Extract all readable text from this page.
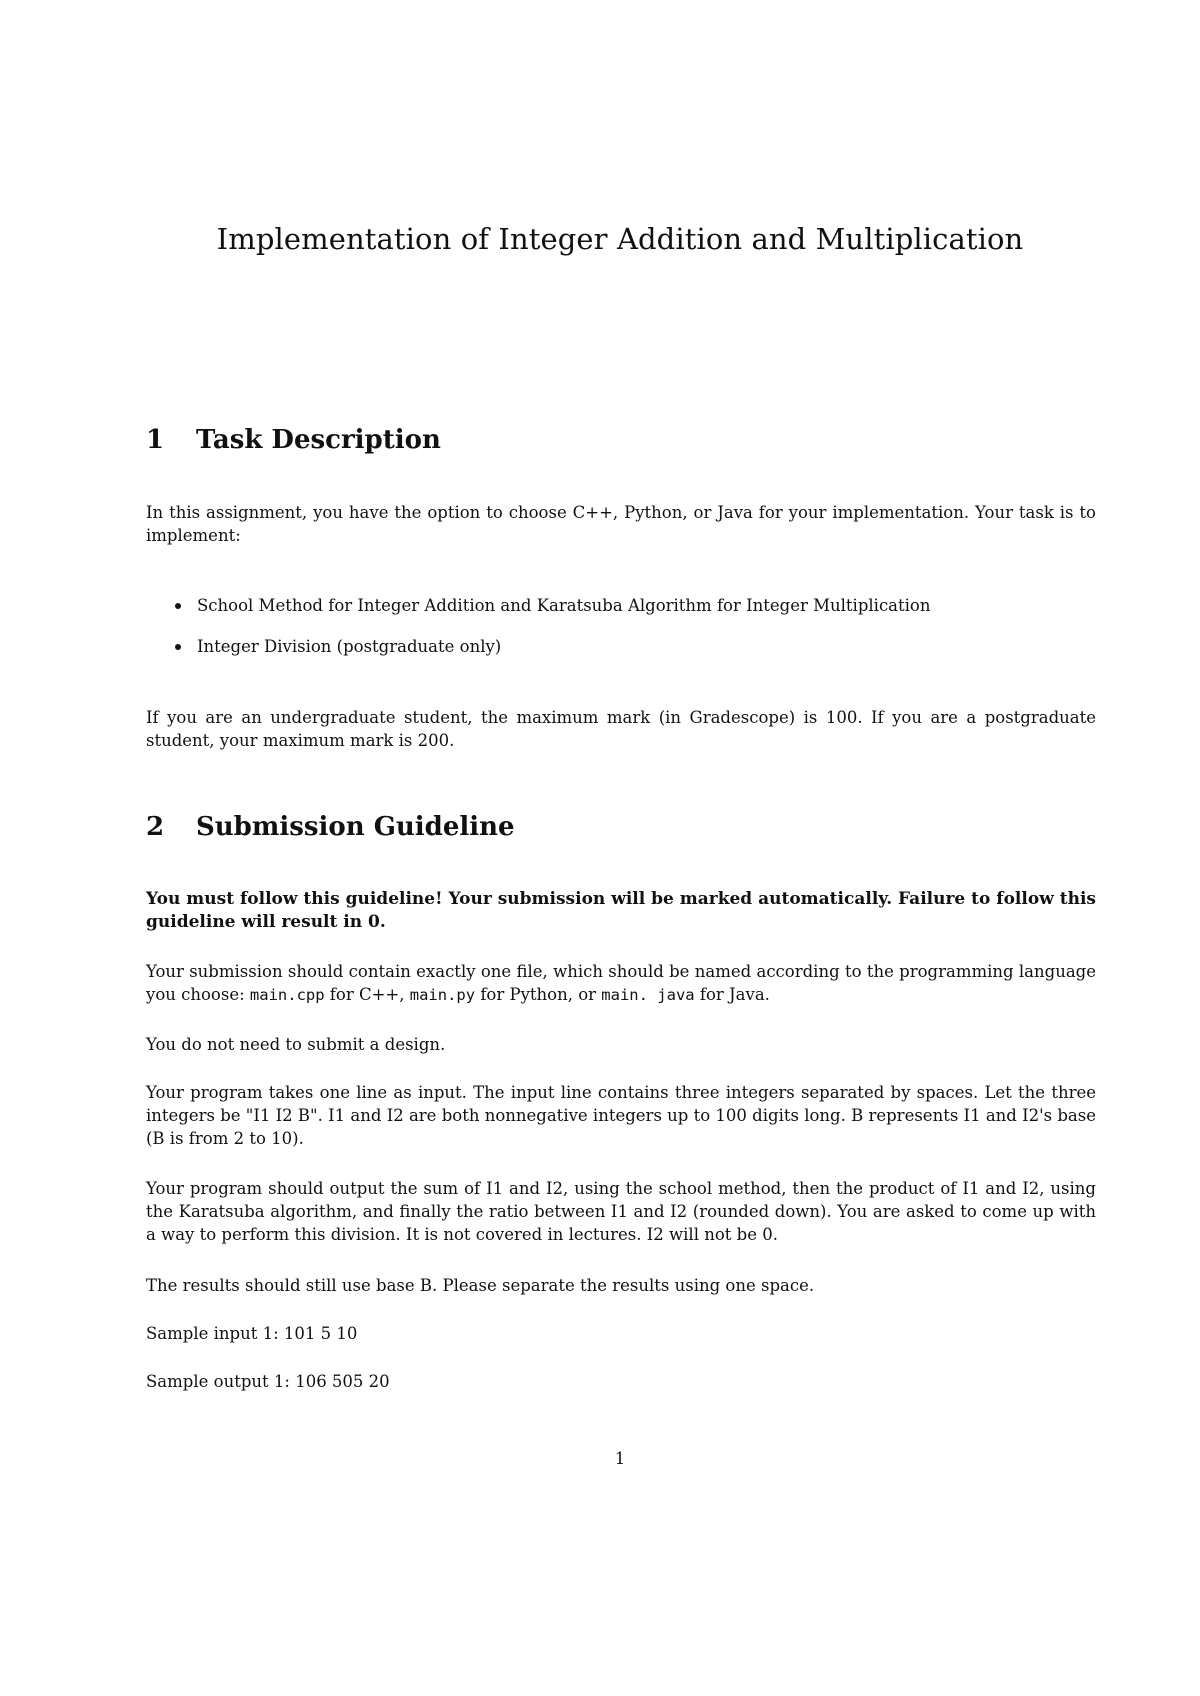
Implementation of Integer Addition and Multiplication
1 Task Description

In this assignment, you have the option to choose C++, Python, or Java for your implementation. Your task is to implement:

School Method for Integer Addition and Karatsuba Algorithm for Integer Multiplication
Integer Division (postgraduate only)

If you are an undergraduate student, the maximum mark (in Gradescope) is 100. If you are a postgraduate student, your maximum mark is 200.

2 Submission Guideline

You must follow this guideline! Your submission will be marked automatically. Failure to follow this guideline will result in 0.

Your submission should contain exactly one file, which should be named according to the programming language you choose: main.cpp for C++, main.py for Python, or main. java for Java.

You do not need to submit a design.

Your program takes one line as input. The input line contains three integers separated by spaces. Let the three integers be "I1 I2 B". I1 and I2 are both nonnegative integers up to 100 digits long. B represents I1 and I2's base (B is from 2 to 10).

Your program should output the sum of I1 and I2, using the school method, then the product of I1 and I2, using the Karatsuba algorithm, and finally the ratio between I1 and I2 (rounded down). You are asked to come up with a way to perform this division. It is not covered in lectures. I2 will not be 0.

The results should still use base B. Please separate the results using one space.

Sample input 1: 101 5 10

Sample output 1: 106 505 20

1
